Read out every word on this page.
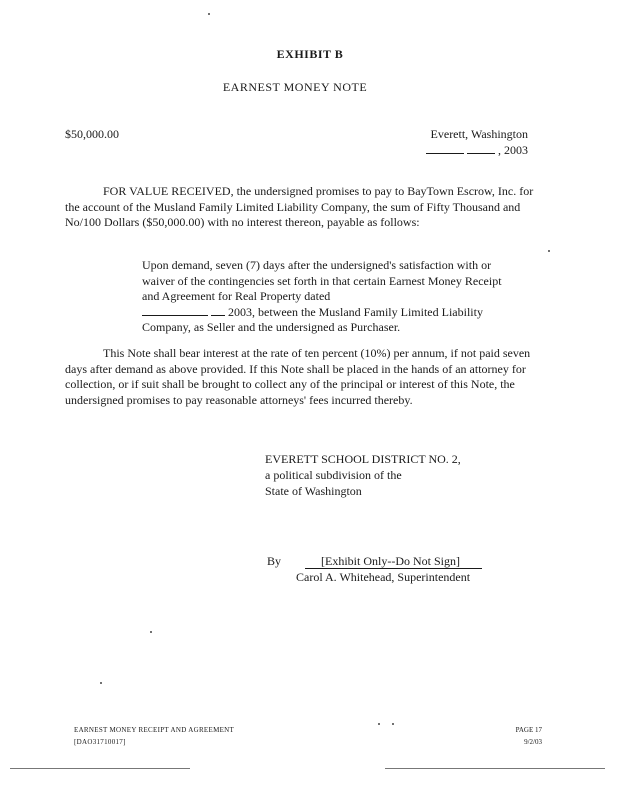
EXHIBIT B
EARNEST MONEY NOTE
$50,000.00	Everett, Washington
, 2003
FOR VALUE RECEIVED, the undersigned promises to pay to BayTown Escrow, Inc. for the account of the Musland Family Limited Liability Company, the sum of Fifty Thousand and No/100 Dollars ($50,000.00) with no interest thereon, payable as follows:
Upon demand, seven (7) days after the undersigned's satisfaction with or waiver of the contingencies set forth in that certain Earnest Money Receipt and Agreement for Real Property dated
2003, between the Musland Family Limited Liability Company, as Seller and the undersigned as Purchaser.
This Note shall bear interest at the rate of ten percent (10%) per annum, if not paid seven days after demand as above provided. If this Note shall be placed in the hands of an attorney for collection, or if suit shall be brought to collect any of the principal or interest of this Note, the undersigned promises to pay reasonable attorneys' fees incurred thereby.
EVERETT SCHOOL DISTRICT NO. 2,
a political subdivision of the
State of Washington
By	[Exhibit Only--Do Not Sign]
Carol A. Whitehead, Superintendent
EARNEST MONEY RECEIPT AND AGREEMENT
[DAO31710017]
PAGE 17
9/2/03
